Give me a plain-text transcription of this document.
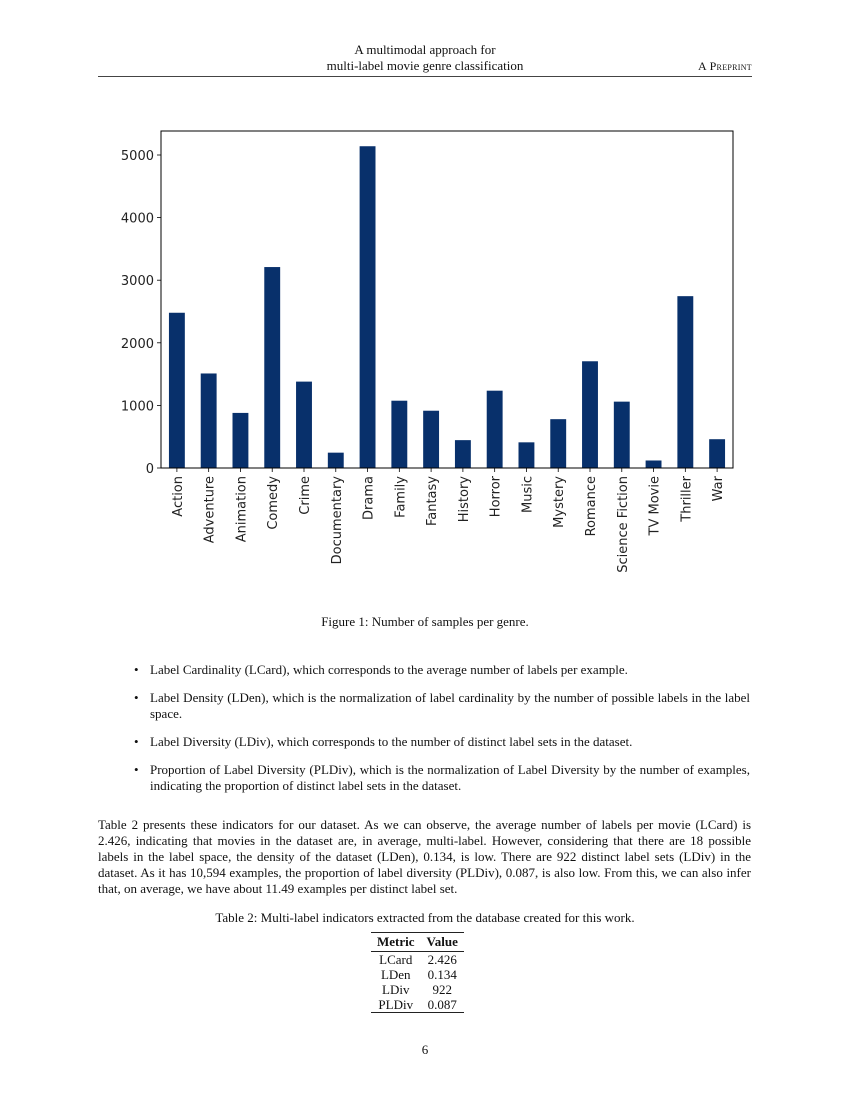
A multimodal approach for
multi-label movie genre classification	A Preprint
Action Adventure Animation Comedy Crime Documentary Drama Family Fantasy History Horror Music Mystery Romance Science Fiction TV Movie Thriller War
0
1000
2000
3000
4000
5000
Figure 1: Number of samples per genre.
• Label Cardinality (LCard), which corresponds to the average number of labels per example.
• Label Density (LDen), which is the normalization of label cardinality by the number of possible labels in the label space.
• Label Diversity (LDiv), which corresponds to the number of distinct label sets in the dataset.
• Proportion of Label Diversity (PLDiv), which is the normalization of Label Diversity by the number of examples, indicating the proportion of distinct label sets in the dataset.
Table 2 presents these indicators for our dataset. As we can observe, the average number of labels per movie (LCard) is 2.426, indicating that movies in the dataset are, in average, multi-label. However, considering that there are 18 possible labels in the label space, the density of the dataset (LDen), 0.134, is low. There are 922 distinct label sets (LDiv) in the dataset. As it has 10,594 examples, the proportion of label diversity (PLDiv), 0.087, is also low. From this, we can also infer that, on average, we have about 11.49 examples per distinct label set.
Table 2: Multi-label indicators extracted from the database created for this work.
Metric	Value
LCard	2.426
LDen	0.134
LDiv	922
PLDiv	0.087
6
